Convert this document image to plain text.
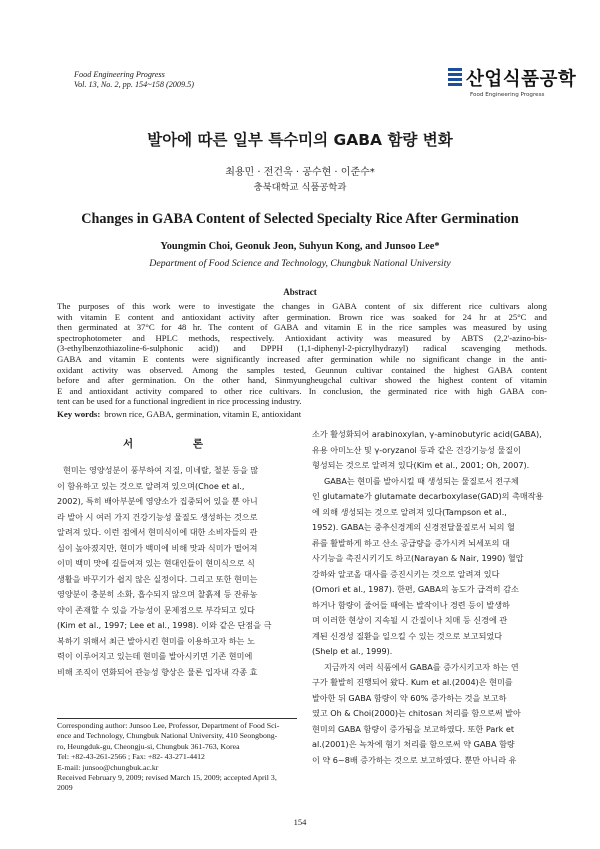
Food Engineering Progress
Vol. 13, No. 2, pp. 154~158 (2009.5)	산업식품공학
Food Engineering Progress
발아에 따른 일부 특수미의 GABA 함량 변화
최용민 · 전건욱 · 공수현 · 이준수*
충북대학교 식품공학과
Changes in GABA Content of Selected Specialty Rice After Germination
Youngmin Choi, Geonuk Jeon, Suhyun Kong, and Junsoo Lee*
Department of Food Science and Technology, Chungbuk National University
Abstract
The purposes of this work were to investigate the changes in GABA content of six different rice cultivars along
with vitamin E content and antioxidant activity after germination. Brown rice was soaked for 24 hr at 25°C and
then germinated at 37°C for 48 hr. The content of GABA and vitamin E in the rice samples was measured by using
spectrophotometer and HPLC methods, respectively. Antioxidant activity was measured by ABTS (2,2'-azino-bis-
(3-ethylbenzothiazoline-6-sulphonic acid)) and DPPH (1,1-diphenyl-2-picrylhydrazyl) radical scavenging methods.
GABA and vitamin E contents were significantly increased after germination while no significant change in the anti-
oxidant activity was observed. Among the samples tested, Geunnun cultivar contained the highest GABA content
before and after germination. On the other hand, Sinmyungheugchal cultivar showed the highest content of vitamin
E and antioxidant activity compared to other rice cultivars. In conclusion, the germinated rice with high GABA con-
tent can be used for a functional ingredient in rice processing industry.
Key words: brown rice, GABA, germination, vitamin E, antioxidant
서 론
현미는 영양성분이 풍부하여 지질, 미네랄, 철분 등을 많
이 함유하고 있는 것으로 알려져 있으며(Choe et al.,
2002), 특히 배아부분에 영양소가 집중되어 있을 뿐 아니
라 발아 시 여러 가지 건강기능성 물질도 생성하는 것으로
알려져 있다. 이런 점에서 현미식이에 대한 소비자들의 관
심이 높아졌지만, 현미가 백미에 비해 맛과 식미가 떨어져
이미 백미 맛에 길들여져 있는 현대인들이 현미식으로 식
생활을 바꾸기가 쉽지 않은 실정이다. 그리고 또한 현미는
영양분이 충분히 소화, 흡수되지 않으며 찰흙제 등 잔류농
약이 존재할 수 있을 가능성이 문제점으로 부각되고 있다
(Kim et al., 1997; Lee et al., 1998). 이와 같은 단점을 극
복하기 위해서 최근 발아시킨 현미를 이용하고자 하는 노
력이 이루어지고 있는데 현미를 발아시키면 기존 현미에
비해 조직이 연화되어 관능성 향상은 물론 입자내 각종 효
소가 활성화되어 arabinoxylan, γ-aminobutyric acid(GABA),
유용 아미노산 및 γ-oryzanol 등과 같은 건강기능성 물질이
형성되는 것으로 알려져 있다(Kim et al., 2001; Oh, 2007).
GABA는 현미를 발아시킬 때 생성되는 물질로서 전구체
인 glutamate가 glutamate decarboxylase(GAD)의 촉매작용
에 의해 생성되는 것으로 알려져 있다(Tampson et al.,
1952). GABA는 중추신경계의 신경전달물질로서 뇌의 혈
류를 활발하게 하고 산소 공급량을 증가시켜 뇌세포의 대
사기능을 촉진시키기도 하고(Narayan & Nair, 1990) 혈압
강하와 알코올 대사를 증진시키는 것으로 알려져 있다
(Omori et al., 1987). 한편, GABA의 농도가 급격히 감소
하거나 함량이 줄어들 때에는 발작이나 경련 등이 발생하
며 이러한 현상이 지속될 시 간질이나 치매 등 신경에 관
계된 신경성 질환을 일으킬 수 있는 것으로 보고되었다
(Shelp et al., 1999).
지금까지 여러 식품에서 GABA를 증가시키고자 하는 연
구가 활발히 진행되어 왔다. Kum et al.(2004)은 현미를
발아한 뒤 GABA 함량이 약 60% 증가하는 것을 보고하
였고 Oh & Choi(2000)는 chitosan 처리를 함으로써 발아
현미의 GABA 함량이 증가됨을 보고하였다. 또한 Park et
al.(2001)은 녹차에 혐기 처리를 함으로써 약 GABA 함량
이 약 6~8배 증가하는 것으로 보고하였다. 뿐만 아니라 유
Corresponding author: Junsoo Lee, Professor, Department of Food Sci-
ence and Technology, Chungbuk National University, 410 Seongbong-
ro, Heungduk-gu, Cheongju-si, Chungbuk 361-763, Korea
Tel: +82-43-261-2566 ; Fax: +82- 43-271-4412
E-mail: junsoo@chungbuk.ac.kr
Received February 9, 2009; revised March 15, 2009; accepted April 3,
2009
154
